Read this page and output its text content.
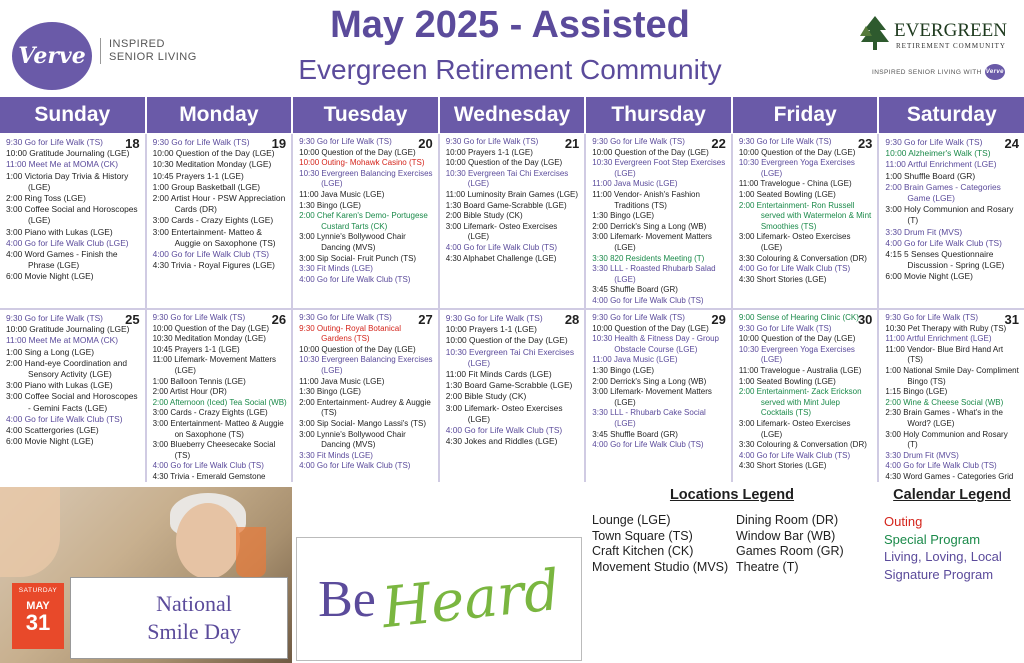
Verve INSPIRED
SENIOR LIVING
May 2025 - Assisted
Evergreen Retirement Community
EVERGREEN
RETIREMENT COMMUNITY
INSPIRED SENIOR LIVING WITH Verve
Sunday	Monday	Tuesday	Wednesday	Thursday	Friday	Saturday
18
9:30 Go for Life Walk (TS)
10:00 Gratitude Journaling (LGE)
11:00 Meet Me at MOMA (CK)
1:00 Victoria Day Trivia & History (LGE)
2:00 Ring Toss (LGE)
3:00 Coffee Social and Horoscopes (LGE)
3:00 Piano with Lukas (LGE)
4:00 Go for Life Walk Club (LGE)
4:00 Word Games - Finish the Phrase (LGE)
6:00 Movie Night (LGE)
19
9:30 Go for Life Walk (TS)
10:00 Question of the Day (LGE)
10:30 Meditation Monday (LGE)
10:45 Prayers 1-1 (LGE)
1:00 Group Basketball (LGE)
2:00 Artist Hour - PSW Appreciation Cards (DR)
3:00 Cards - Crazy Eights (LGE)
3:00 Entertainment- Matteo & Auggie on Saxophone (TS)
4:00 Go for Life Walk Club (TS)
4:30 Trivia - Royal Figures (LGE)
20
9:30 Go for Life Walk (TS)
10:00 Question of the Day (LGE)
10:00 Outing- Mohawk Casino (TS)
10:30 Evergreen Balancing Exercises (LGE)
11:00 Java Music (LGE)
1:30 Bingo (LGE)
2:00 Chef Karen's Demo- Portugese Custard Tarts (CK)
3:00 Lynnie's Bollywood Chair Dancing (MVS)
3:00 Sip Social- Fruit Punch (TS)
3:30 Fit Minds (LGE)
4:00 Go for Life Walk Club (TS)
21
9:30 Go for Life Walk (TS)
10:00 Prayers 1-1 (LGE)
10:00 Question of the Day (LGE)
10:30 Evergreen Tai Chi Exercises (LGE)
11:00 Luminosity Brain Games (LGE)
1:30 Board Game-Scrabble (LGE)
2:00 Bible Study (CK)
3:00 Lifemark- Osteo Exercises (LGE)
4:00 Go for Life Walk Club (TS)
4:30 Alphabet Challenge (LGE)
22
9:30 Go for Life Walk (TS)
10:00 Question of the Day (LGE)
10:30 Evergreen Foot Step Exercises (LGE)
11:00 Java Music (LGE)
11:00 Vendor- Anish's Fashion Traditions (TS)
1:30 Bingo (LGE)
2:00 Derrick's Sing a Long (WB)
3:00 Lifemark- Movement Matters (LGE)
3:30 820 Residents Meeting (T)
3:30 LLL - Roasted Rhubarb Salad (LGE)
3:45 Shuffle Board (GR)
4:00 Go for Life Walk Club (TS)
23
9:30 Go for Life Walk (TS)
10:00 Question of the Day (LGE)
10:30 Evergreen Yoga Exercises (LGE)
11:00 Travelogue - China (LGE)
1:00 Seated Bowling (LGE)
2:00 Entertainment- Ron Russell served with Watermelon & Mint Smoothies (TS)
3:00 Lifemark- Osteo Exercises (LGE)
3:30 Colouring & Conversation (DR)
4:00 Go for Life Walk Club (TS)
4:30 Short Stories (LGE)
24
9:30 Go for Life Walk (TS)
10:00 Alzheimer's Walk (TS)
11:00 Artful Enrichment (LGE)
1:00 Shuffle Board (GR)
2:00 Brain Games - Categories Game (LGE)
3:00 Holy Communion and Rosary (T)
3:30 Drum Fit (MVS)
4:00 Go for Life Walk Club (TS)
4:15 5 Senses Questionnaire Discussion - Spring (LGE)
6:00 Movie Night (LGE)
25
9:30 Go for Life Walk (TS)
10:00 Gratitude Journaling (LGE)
11:00 Meet Me at MOMA (CK)
1:00 Sing a Long (LGE)
2:00 Hand-eye Coordination and Sensory Activity (LGE)
3:00 Piano with Lukas (LGE)
3:00 Coffee Social and Horoscopes - Gemini Facts (LGE)
4:00 Go for Life Walk Club (TS)
4:00 Scattergories (LGE)
6:00 Movie Night (LGE)
26
9:30 Go for Life Walk (TS)
10:00 Question of the Day (LGE)
10:30 Meditation Monday (LGE)
10:45 Prayers 1-1 (LGE)
11:00 Lifemark- Movement Matters (LGE)
1:00 Balloon Tennis (LGE)
2:00 Artist Hour (DR)
2:00 Afternoon (Iced) Tea Social (WB)
3:00 Cards - Crazy Eights (LGE)
3:00 Entertainment- Matteo & Auggie on Saxophone (TS)
3:00 Blueberry Cheesecake Social (TS)
4:00 Go for Life Walk Club (TS)
4:30 Trivia - Emerald Gemstone
27
9:30 Go for Life Walk (TS)
9:30 Outing- Royal Botanical Gardens (TS)
10:00 Question of the Day (LGE)
10:30 Evergreen Balancing Exercises (LGE)
11:00 Java Music (LGE)
1:30 Bingo (LGE)
2:00 Entertainment- Audrey & Auggie (TS)
3:00 Sip Social- Mango Lassi's (TS)
3:00 Lynnie's Bollywood Chair Dancing (MVS)
3:30 Fit Minds (LGE)
4:00 Go for Life Walk Club (TS)
28
9:30 Go for Life Walk (TS)
10:00 Prayers 1-1 (LGE)
10:00 Question of the Day (LGE)
10:30 Evergreen Tai Chi Exercises (LGE)
11:00 Fit Minds Cards (LGE)
1:30 Board Game-Scrabble (LGE)
2:00 Bible Study (CK)
3:00 Lifemark- Osteo Exercises (LGE)
4:00 Go for Life Walk Club (TS)
4:30 Jokes and Riddles (LGE)
29
9:30 Go for Life Walk (TS)
10:00 Question of the Day (LGE)
10:30 Health & Fitness Day - Group Obstacle Course (LGE)
11:00 Java Music (LGE)
1:30 Bingo (LGE)
2:00 Derrick's Sing a Long (WB)
3:00 Lifemark- Movement Matters (LGE)
3:30 LLL - Rhubarb Cake Social (LGE)
3:45 Shuffle Board (GR)
4:00 Go for Life Walk Club (TS)
30
9:00 Sense of Hearing Clinic (CK)
9:30 Go for Life Walk (TS)
10:00 Question of the Day (LGE)
10:30 Evergreen Yoga Exercises (LGE)
11:00 Travelogue - Australia (LGE)
1:00 Seated Bowling (LGE)
2:00 Entertainment- Zack Erickson served with Mint Julep Cocktails (TS)
3:00 Lifemark- Osteo Exercises (LGE)
3:30 Colouring & Conversation (DR)
4:00 Go for Life Walk Club (TS)
4:30 Short Stories (LGE)
31
9:30 Go for Life Walk (TS)
10:30 Pet Therapy with Ruby (TS)
11:00 Artful Enrichment (LGE)
11:00 Vendor- Blue Bird Hand Art (TS)
1:00 National Smile Day- Compliment Bingo (TS)
1:15 Bingo (LGE)
2:00 Wine & Cheese Social (WB)
2:30 Brain Games - What's in the Word? (LGE)
3:00 Holy Communion and Rosary (T)
3:30 Drum Fit (MVS)
4:00 Go for Life Walk Club (TS)
4:30 Word Games - Categories Grid
National
Smile Day
SATURDAY
MAY
31	Be Heard
Locations Legend
Lounge (LGE)
Town Square (TS)
Craft Kitchen (CK)
Movement Studio (MVS)
Dining Room (DR)
Window Bar (WB)
Games Room (GR)
Theatre (T)
Calendar Legend
Outing
Special Program
Living, Loving, Local
Signature Program
